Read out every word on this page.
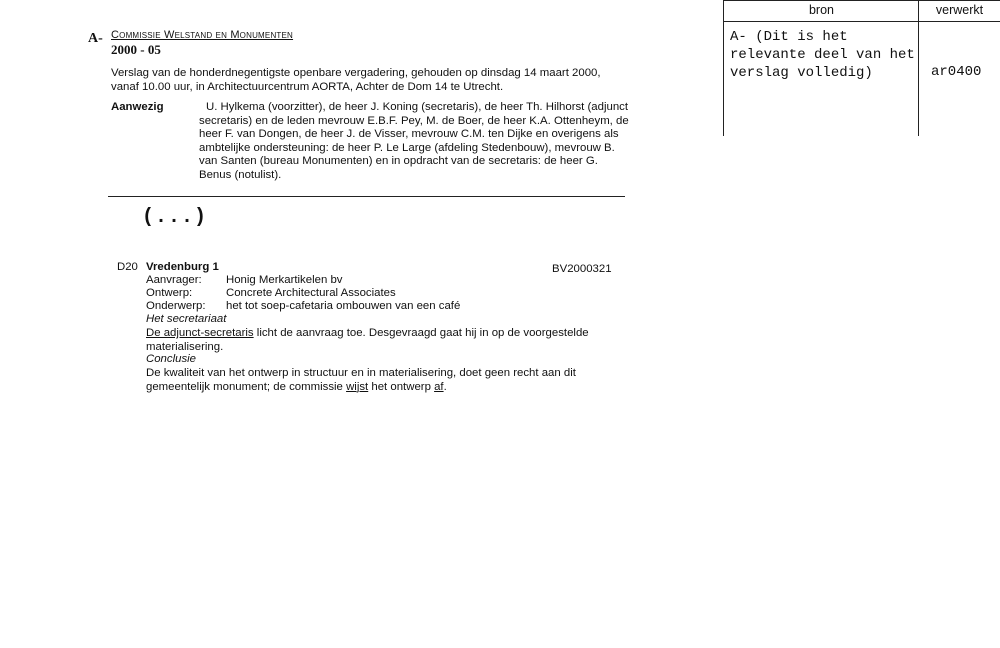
A- Commissie Welstand en Monumenten
2000 - 05
Verslag van de honderdnegentigste openbare vergadering, gehouden op dinsdag 14 maart 2000, vanaf 10.00 uur, in Architectuurcentrum AORTA, Achter de Dom 14 te Utrecht.
Aanwezig	U. Hylkema (voorzitter), de heer J. Koning (secretaris), de heer Th. Hilhorst (adjunct secretaris) en de leden mevrouw E.B.F. Pey, M. de Boer, de heer K.A. Ottenheym, de heer F. van Dongen, de heer J. de Visser, mevrouw C.M. ten Dijke en overigens als ambtelijke ondersteuning: de heer P. Le Large (afdeling Stedenbouw), mevrouw B. van Santen (bureau Monumenten) en in opdracht van de secretaris: de heer G. Benus (notulist).
(...)
D20 Vredenburg 1	BV2000321
Aanvrager: Honig Merkartikelen bv
Ontwerp:	Concrete Architectural Associates
Onderwerp: het tot soep-cafetaria ombouwen van een café
Het secretariaat
De adjunct-secretaris licht de aanvraag toe. Desgevraagd gaat hij in op de voorgestelde materialisering.
Conclusie
De kwaliteit van het ontwerp in structuur en in materialisering, doet geen recht aan dit gemeentelijk monument; de commissie wijst het ontwerp af.
bron	verwerkt
A- (Dit is het relevante deel van het verslag volledig)	ar0400
